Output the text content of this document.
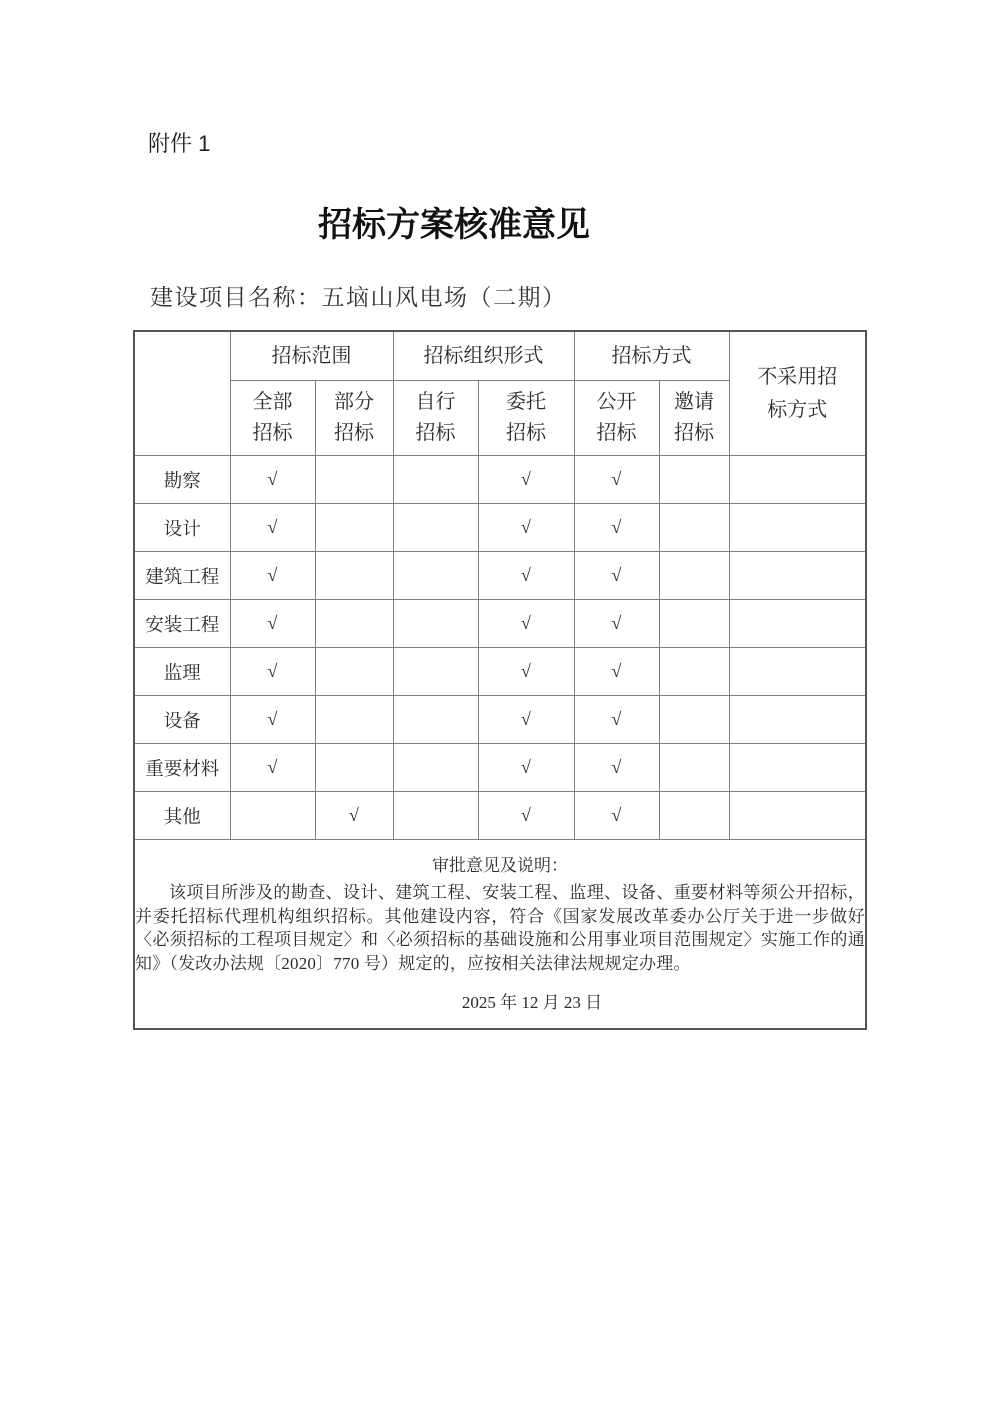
附件 1
招标方案核准意见
建设项目名称：五垴山风电场（二期）
	招标范围		招标组织形式		招标方式		不采用招标方式
	全部招标	部分招标	自行招标	委托招标	公开招标	邀请招标	
勘察	√			√	√		
设计	√			√	√		
建筑工程	√			√	√		
安装工程	√			√	√		
监理	√			√	√		
设备	√			√	√		
重要材料	√			√	√		
其他		√		√	√		

审批意见及说明：

该项目所涉及的勘查、设计、建筑工程、安装工程、监理、设备、重要材料等须公开招标，并委托招标代理机构组织招标。其他建设内容，符合《国家发展改革委办公厅关于进一步做好〈必须招标的工程项目规定〉和〈必须招标的基础设施和公用事业项目范围规定〉实施工作的通知》（发改办法规〔2020〕770 号）规定的，应按相关法律法规规定办理。

2025 年 12 月 23 日							
